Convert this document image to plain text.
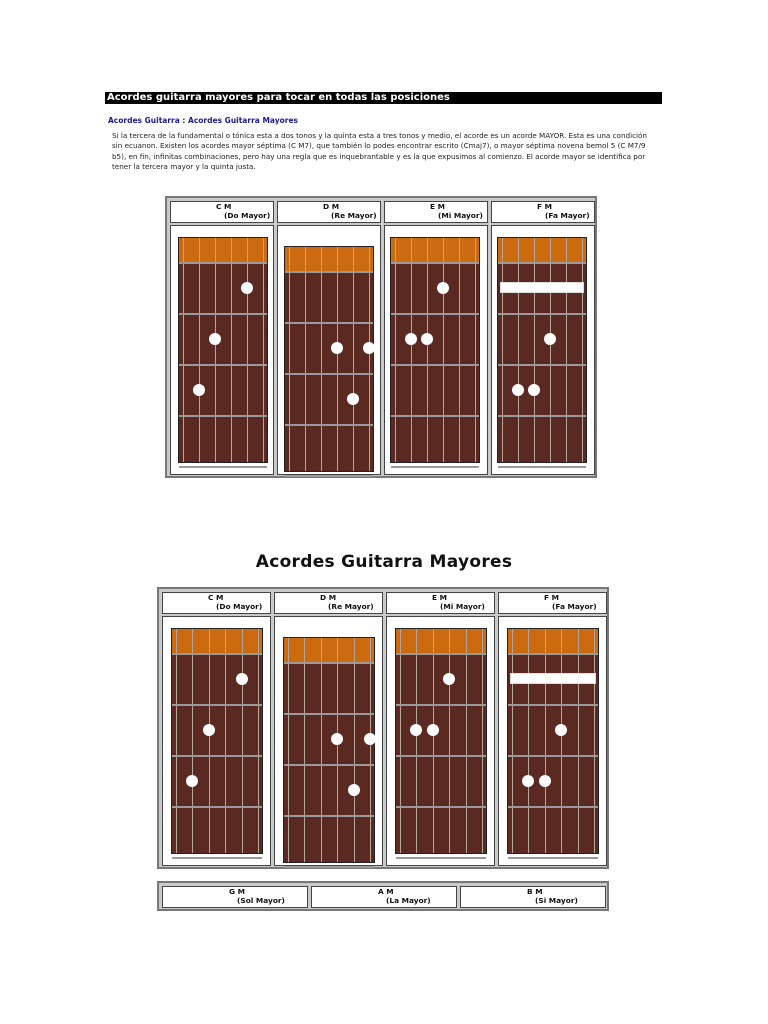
Acordes guitarra mayores para tocar en todas las posiciones
Acordes Guitarra : Acordes Guitarra Mayores
Si la tercera de la fundamental o tónica esta a dos tonos y la quinta esta a tres tonos y medio, el acorde es un acorde MAYOR. Esta es una condición sin ecuanon. Existen los acordes mayor séptima (C M7), que también lo podes encontrar escrito (Cmaj7), o mayor séptima novena bemol 5 (C M7/9 b5), en fin, infinitas combinaciones, pero hay una regla que es inquebrantable y es la que expusimos al comienzo. El acorde mayor se identifica por tener la tercera mayor y la quinta justa.
C M
(Do Mayor)
D M
(Re Mayor)
E M
(Mi Mayor)
F M
(Fa Mayor)
Acordes Guitarra Mayores
C M
(Do Mayor)
D M
(Re Mayor)
E M
(Mi Mayor)
F M
(Fa Mayor)
G M
(Sol Mayor)
A M
(La Mayor)
B M
(Si Mayor)
